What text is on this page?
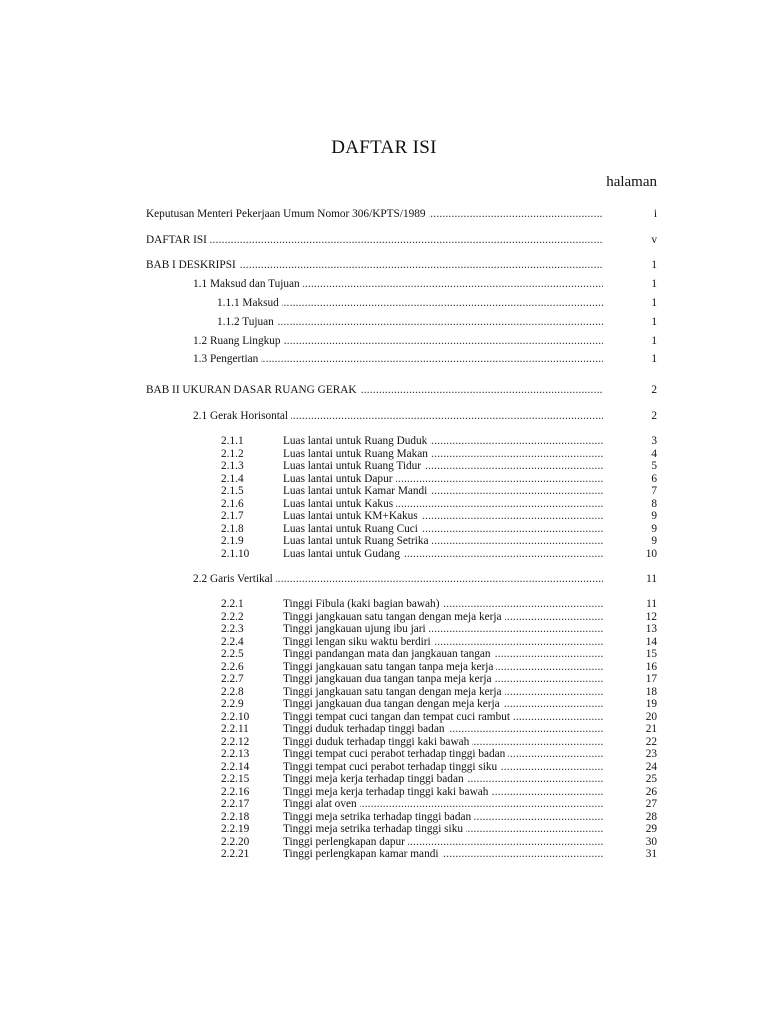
DAFTAR ISI
halaman
.....
Keputusan Menteri Pekerjaan Umum Nomor 306/KPTS/1989	i
.....
DAFTAR ISI	v
.....
BAB I DESKRIPSI	1
.....
1.1 Maksud dan Tujuan	1
.....
1.1.1 Maksud	1
.....
1.1.2 Tujuan	1
.....
1.2 Ruang Lingkup	1
.....
1.3 Pengertian	1
.....
BAB II UKURAN DASAR RUANG GERAK	2
.....
2.1 Gerak Horisontal	2
2.1.1 .....	Luas lantai untuk Ruang Duduk	3
2.1.2 .....	Luas lantai untuk Ruang Makan	4
2.1.3 .....	Luas lantai untuk Ruang Tidur	5
2.1.4 .....	Luas lantai untuk Dapur	6
2.1.5 .....	Luas lantai untuk Kamar Mandi	7
2.1.6 .....	Luas lantai untuk Kakus	8
2.1.7 .....	Luas lantai untuk KM+Kakus	9
2.1.8 .....	Luas lantai untuk Ruang Cuci	9
2.1.9 .....	Luas lantai untuk Ruang Setrika	9
2.1.10 .....	Luas lantai untuk Gudang	10
.....
2.2 Garis Vertikal	11
2.2.1 .....	Tinggi Fibula (kaki bagian bawah)	11
2.2.2 .....	Tinggi jangkauan satu tangan dengan meja kerja	12
2.2.3 .....	Tinggi jangkauan ujung ibu jari	13
2.2.4 .....	Tinggi lengan siku waktu berdiri	14
2.2.5 .....	Tinggi pandangan mata dan jangkauan tangan	15
2.2.6 .....	Tinggi jangkauan satu tangan tanpa meja kerja	16
2.2.7 .....	Tinggi jangkauan dua tangan tanpa meja kerja	17
2.2.8 .....	Tinggi jangkauan satu tangan dengan meja kerja	18
2.2.9 .....	Tinggi jangkauan dua tangan dengan meja kerja	19
2.2.10 .....	Tinggi tempat cuci tangan dan tempat cuci rambut	20
2.2.11 .....	Tinggi duduk terhadap tinggi badan	21
2.2.12 .....	Tinggi duduk terhadap tinggi kaki bawah	22
2.2.13 .....	Tinggi tempat cuci perabot terhadap tinggi badan	23
2.2.14 .....	Tinggi tempat cuci perabot terhadap tinggi siku	24
2.2.15 .....	Tinggi meja kerja terhadap tinggi badan	25
2.2.16 .....	Tinggi meja kerja terhadap tinggi kaki bawah	26
2.2.17 .....	Tinggi alat oven	27
2.2.18 .....	Tinggi meja setrika terhadap tinggi badan	28
2.2.19 .....	Tinggi meja setrika terhadap tinggi siku	29
2.2.20 .....	Tinggi perlengkapan dapur	30
2.2.21 .....	Tinggi perlengkapan kamar mandi	31
